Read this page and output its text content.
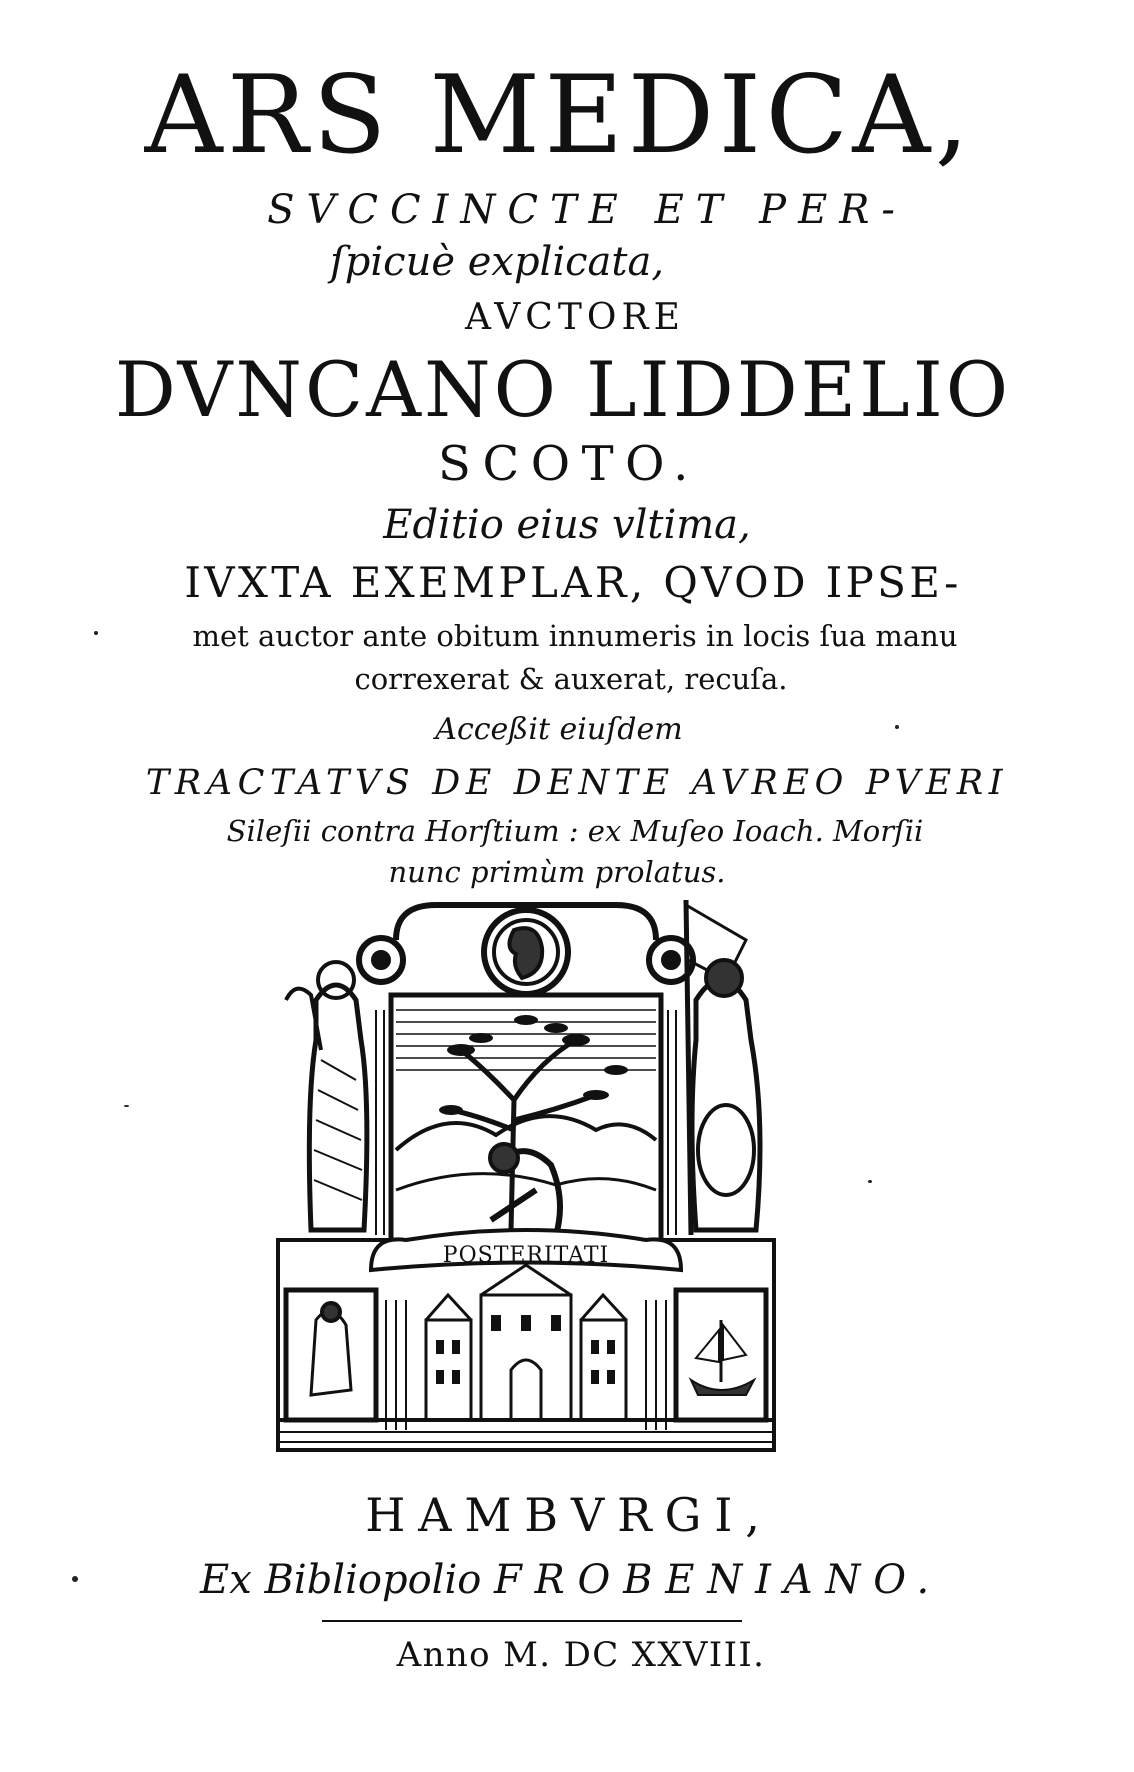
ARS MEDICA,
SVCCINCTE ET PER-
ſpicuè explicata,
AVCTORE
DVNCANO LIDDELIO
SCOTO.
Editio eius vltima,
IVXTA EXEMPLAR, QVOD IPSE-
met auctor ante obitum innumeris in locis ſua manu
correxerat & auxerat, recuſa.
Acceßit eiuſdem
TRACTATVS DE DENTE AVREO PVERI
Sileſii contra Horſtium : ex Muſeo Ioach. Morſii
nunc primùm prolatus.
POSTERITATI
HAMBVRGI,
Ex Bibliopolio FROBENIANO.
Anno M. DC XXVIII.
